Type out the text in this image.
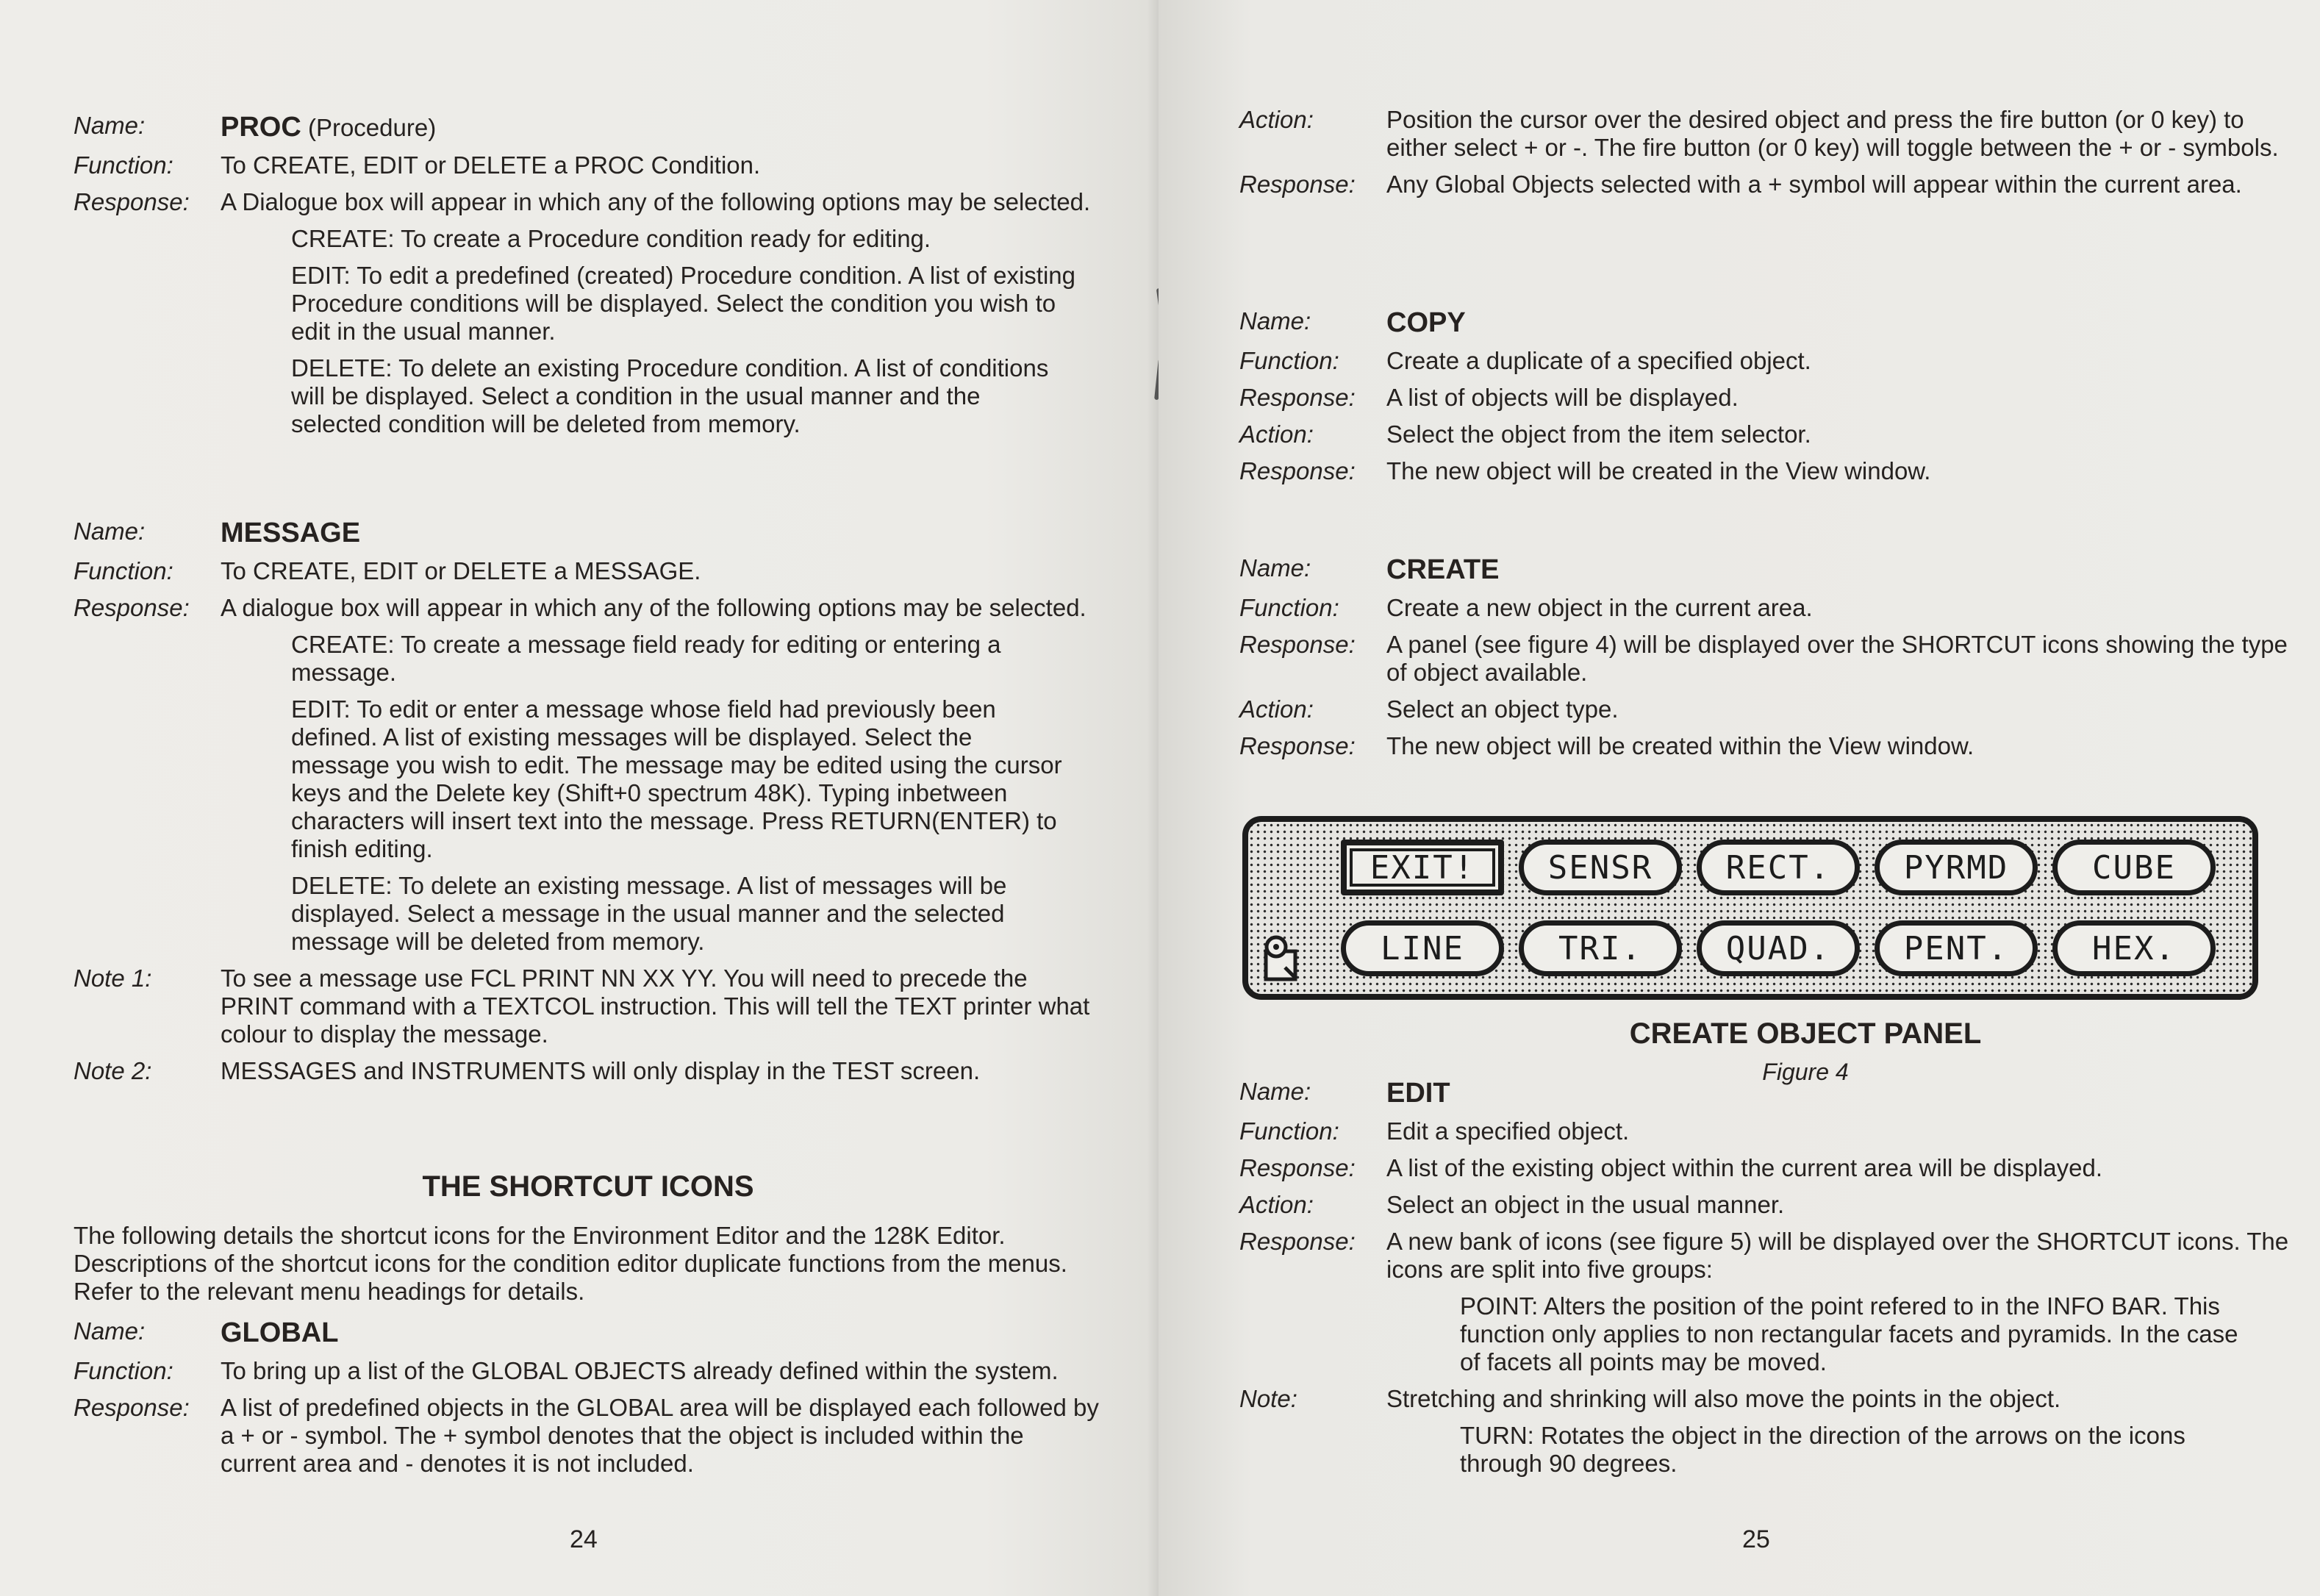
Name:	PROC (Procedure)
Function:	To CREATE, EDIT or DELETE a PROC Condition.
Response:	A Dialogue box will appear in which any of the following options may be selected.
CREATE: To create a Procedure condition ready for editing.
EDIT: To edit a predefined (created) Procedure condition. A list of existing Procedure conditions will be displayed. Select the condition you wish to edit in the usual manner.
DELETE: To delete an existing Procedure condition. A list of conditions will be displayed. Select a condition in the usual manner and the selected condition will be deleted from memory.
Name:	MESSAGE
Function:	To CREATE, EDIT or DELETE a MESSAGE.
Response:	A dialogue box will appear in which any of the following options may be selected.
CREATE: To create a message field ready for editing or entering a message.
EDIT: To edit or enter a message whose field had previously been defined. A list of existing messages will be displayed. Select the message you wish to edit. The message may be edited using the cursor keys and the Delete key (Shift+0 spectrum 48K). Typing inbetween characters will insert text into the message. Press RETURN(ENTER) to finish editing.
DELETE: To delete an existing message. A list of messages will be displayed. Select a message in the usual manner and the selected message will be deleted from memory.
Note 1:	To see a message use FCL PRINT NN XX YY. You will need to precede the PRINT command with a TEXTCOL instruction. This will tell the TEXT printer what colour to display the message.
Note 2:	MESSAGES and INSTRUMENTS will only display in the TEST screen.
THE SHORTCUT ICONS
The following details the shortcut icons for the Environment Editor and the 128K Editor. Descriptions of the shortcut icons for the condition editor duplicate functions from the menus. Refer to the relevant menu headings for details.
Name:	GLOBAL
Function:	To bring up a list of the GLOBAL OBJECTS already defined within the system.
Response:	A list of predefined objects in the GLOBAL area will be displayed each followed by a + or - symbol. The + symbol denotes that the object is included within the current area and - denotes it is not included.
24
Action:	Position the cursor over the desired object and press the fire button (or 0 key) to either select + or -. The fire button (or 0 key) will toggle between the + or - symbols.
Response:	Any Global Objects selected with a + symbol will appear within the current area.
Name:	COPY
Function:	Create a duplicate of a specified object.
Response:	A list of objects will be displayed.
Action:	Select the object from the item selector.
Response:	The new object will be created in the View window.
Name:	CREATE
Function:	Create a new object in the current area.
Response:	A panel (see figure 4) will be displayed over the SHORTCUT icons showing the type of object available.
Action:	Select an object type.
Response:	The new object will be created within the View window.
CREATE OBJECT PANEL
Figure 4
Name:	EDIT
Function:	Edit a specified object.
Response:	A list of the existing object within the current area will be displayed.
Action:	Select an object in the usual manner.
Response:	A new bank of icons (see figure 5) will be displayed over the SHORTCUT icons. The icons are split into five groups:
POINT: Alters the position of the point refered to in the INFO BAR. This function only applies to non rectangular facets and pyramids. In the case of facets all points may be moved.
Note:	Stretching and shrinking will also move the points in the object.
TURN: Rotates the object in the direction of the arrows on the icons through 90 degrees.
25
EXIT!	SENSR	RECT.	PYRMD	CUBE
LINE	TRI.	QUAD.	PENT.	HEX.
